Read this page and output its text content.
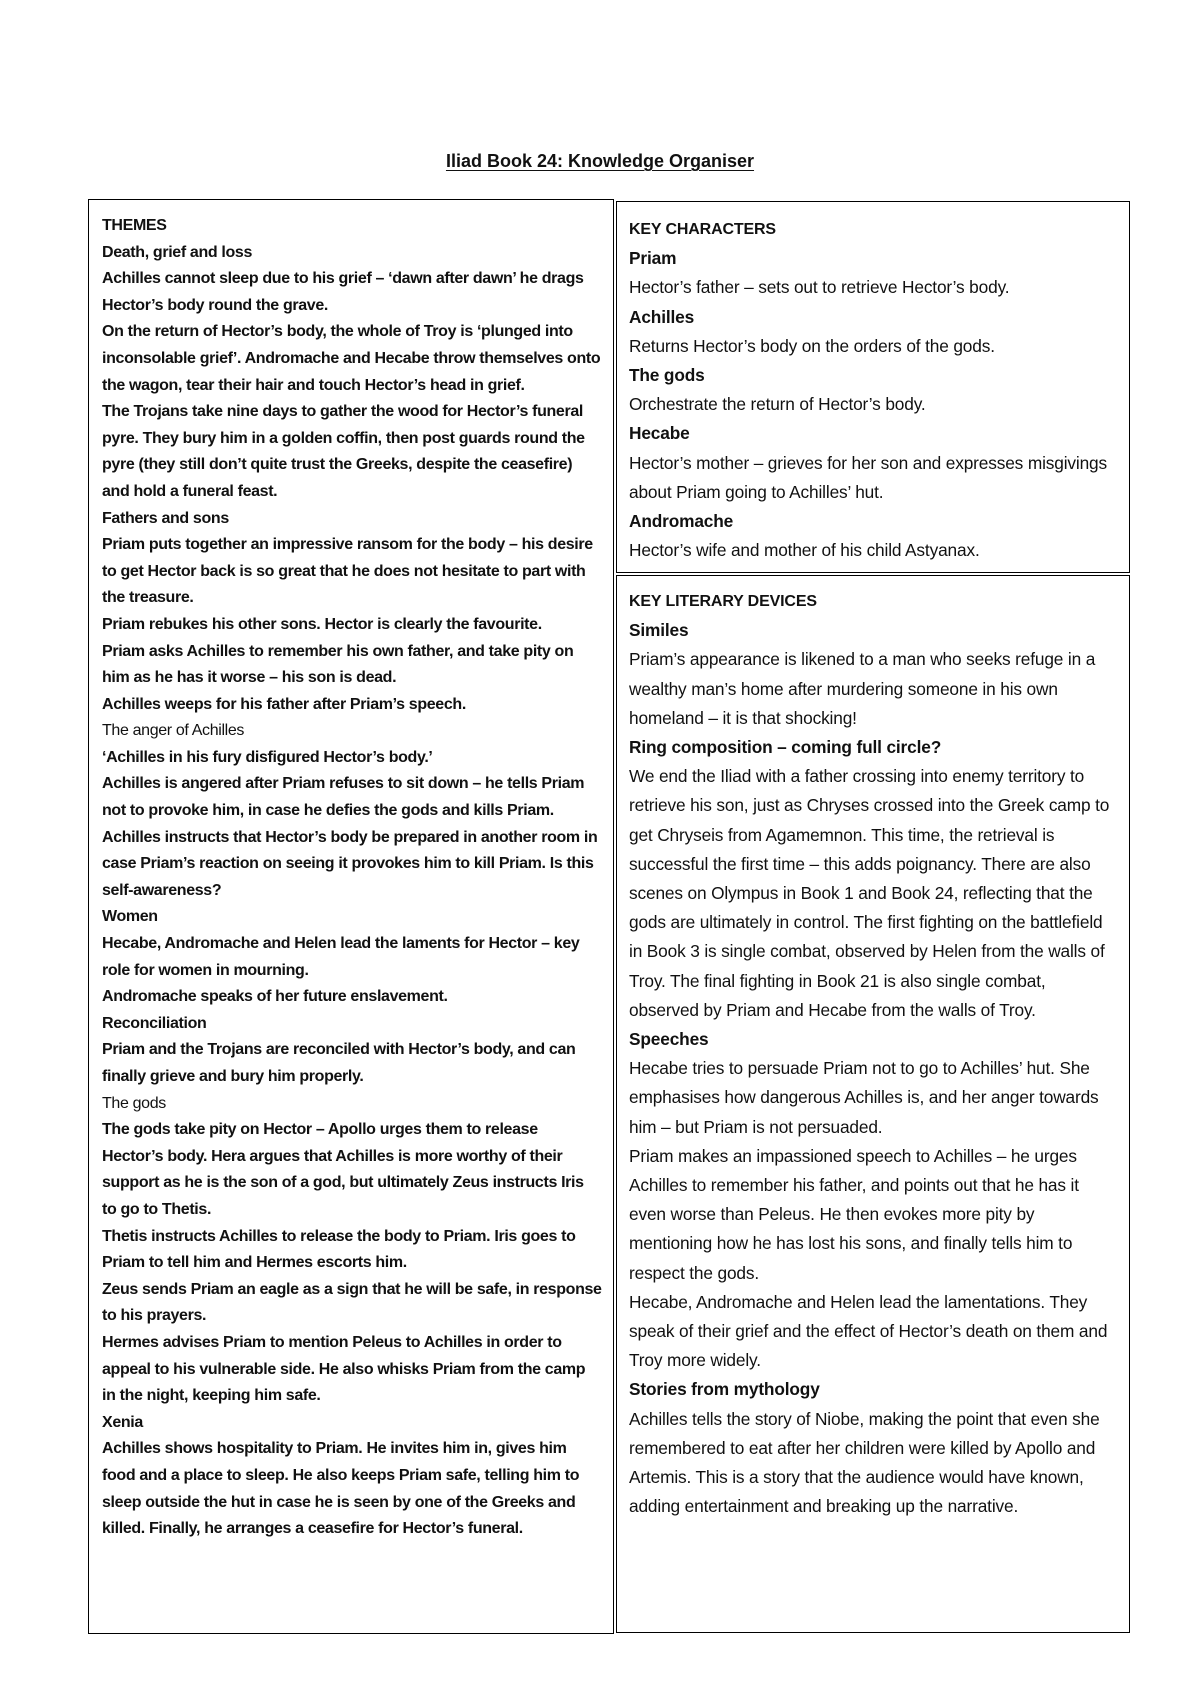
Iliad Book 24: Knowledge Organiser

THEMES

Death, grief and loss

Achilles cannot sleep due to his grief – ‘dawn after dawn’ he drags Hector’s body round the grave.

On the return of Hector’s body, the whole of Troy is ‘plunged into inconsolable grief’. Andromache and Hecabe throw themselves onto the wagon, tear their hair and touch Hector’s head in grief.

The Trojans take nine days to gather the wood for Hector’s funeral pyre. They bury him in a golden coffin, then post guards round the pyre (they still don’t quite trust the Greeks, despite the ceasefire) and hold a funeral feast.

Fathers and sons

Priam puts together an impressive ransom for the body – his desire to get Hector back is so great that he does not hesitate to part with the treasure.

Priam rebukes his other sons. Hector is clearly the favourite.

Priam asks Achilles to remember his own father, and take pity on him as he has it worse – his son is dead.

Achilles weeps for his father after Priam’s speech.

The anger of Achilles

‘Achilles in his fury disfigured Hector’s body.’

Achilles is angered after Priam refuses to sit down – he tells Priam not to provoke him, in case he defies the gods and kills Priam.

Achilles instructs that Hector’s body be prepared in another room in case Priam’s reaction on seeing it provokes him to kill Priam. Is this self-awareness?

Women

Hecabe, Andromache and Helen lead the laments for Hector – key role for women in mourning.

Andromache speaks of her future enslavement.

Reconciliation

Priam and the Trojans are reconciled with Hector’s body, and can finally grieve and bury him properly.

The gods

The gods take pity on Hector – Apollo urges them to release Hector’s body. Hera argues that Achilles is more worthy of their support as he is the son of a god, but ultimately Zeus instructs Iris to go to Thetis.

Thetis instructs Achilles to release the body to Priam. Iris goes to Priam to tell him and Hermes escorts him.

Zeus sends Priam an eagle as a sign that he will be safe, in response to his prayers.

Hermes advises Priam to mention Peleus to Achilles in order to appeal to his vulnerable side. He also whisks Priam from the camp in the night, keeping him safe.

Xenia

Achilles shows hospitality to Priam. He invites him in, gives him food and a place to sleep. He also keeps Priam safe, telling him to sleep outside the hut in case he is seen by one of the Greeks and killed. Finally, he arranges a ceasefire for Hector’s funeral.

KEY CHARACTERS

Priam

Hector’s father – sets out to retrieve Hector’s body.

Achilles

Returns Hector’s body on the orders of the gods.

The gods

Orchestrate the return of Hector’s body.

Hecabe

Hector’s mother – grieves for her son and expresses misgivings about Priam going to Achilles’ hut.

Andromache

Hector’s wife and mother of his child Astyanax.

KEY LITERARY DEVICES

Similes

Priam’s appearance is likened to a man who seeks refuge in a wealthy man’s home after murdering someone in his own homeland – it is that shocking!

Ring composition – coming full circle?

We end the Iliad with a father crossing into enemy territory to retrieve his son, just as Chryses crossed into the Greek camp to get Chryseis from Agamemnon. This time, the retrieval is successful the first time – this adds poignancy. There are also scenes on Olympus in Book 1 and Book 24, reflecting that the gods are ultimately in control. The first fighting on the battlefield in Book 3 is single combat, observed by Helen from the walls of Troy. The final fighting in Book 21 is also single combat, observed by Priam and Hecabe from the walls of Troy.

Speeches

Hecabe tries to persuade Priam not to go to Achilles’ hut. She emphasises how dangerous Achilles is, and her anger towards him – but Priam is not persuaded.

Priam makes an impassioned speech to Achilles – he urges Achilles to remember his father, and points out that he has it even worse than Peleus. He then evokes more pity by mentioning how he has lost his sons, and finally tells him to respect the gods.

Hecabe, Andromache and Helen lead the lamentations. They speak of their grief and the effect of Hector’s death on them and Troy more widely.

Stories from mythology

Achilles tells the story of Niobe, making the point that even she remembered to eat after her children were killed by Apollo and Artemis. This is a story that the audience would have known, adding entertainment and breaking up the narrative.
